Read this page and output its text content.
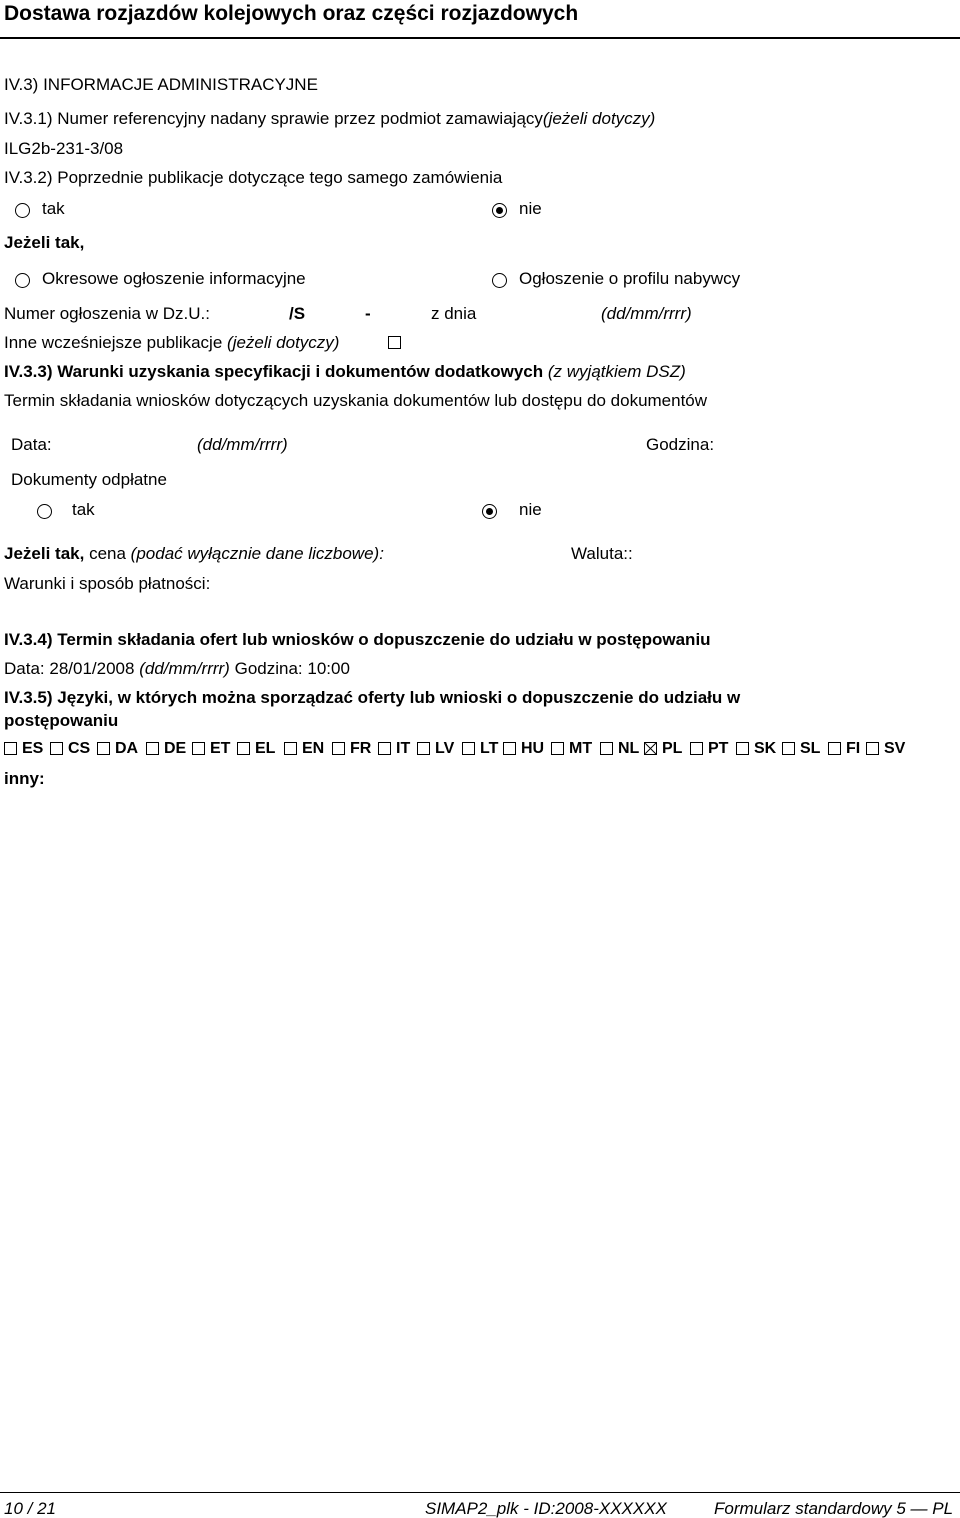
Dostawa rozjazdów kolejowych oraz części rozjazdowych
IV.3) INFORMACJE ADMINISTRACYJNE
IV.3.1) Numer referencyjny nadany sprawie przez podmiot zamawiający(jeżeli dotyczy)
ILG2b-231-3/08
IV.3.2) Poprzednie publikacje dotyczące tego samego zamówienia
tak	nie
Jeżeli tak,
Okresowe ogłoszenie informacyjne	Ogłoszenie o profilu nabywcy
Numer ogłoszenia w Dz.U.:	/S	-	z dnia	(dd/mm/rrrr)
Inne wcześniejsze publikacje (jeżeli dotyczy)
IV.3.3) Warunki uzyskania specyfikacji i dokumentów dodatkowych (z wyjątkiem DSZ)
Termin składania wniosków dotyczących uzyskania dokumentów lub dostępu do dokumentów
Data:	(dd/mm/rrrr)	Godzina:
Dokumenty odpłatne
tak	nie
Jeżeli tak, cena (podać wyłącznie dane liczbowe):	Waluta::
Warunki i sposób płatności:
IV.3.4) Termin składania ofert lub wniosków o dopuszczenie do udziału w postępowaniu
Data: 28/01/2008 (dd/mm/rrrr) Godzina: 10:00
IV.3.5) Języki, w których można sporządzać oferty lub wnioski o dopuszczenie do udziału w
postępowaniu
ES CS DA DE ET EL EN FR IT LV LT HU MT NL PL PT SK SL FI SV
inny:
10 / 21	SIMAP2_plk - ID:2008-XXXXXX	Formularz standardowy 5 — PL
